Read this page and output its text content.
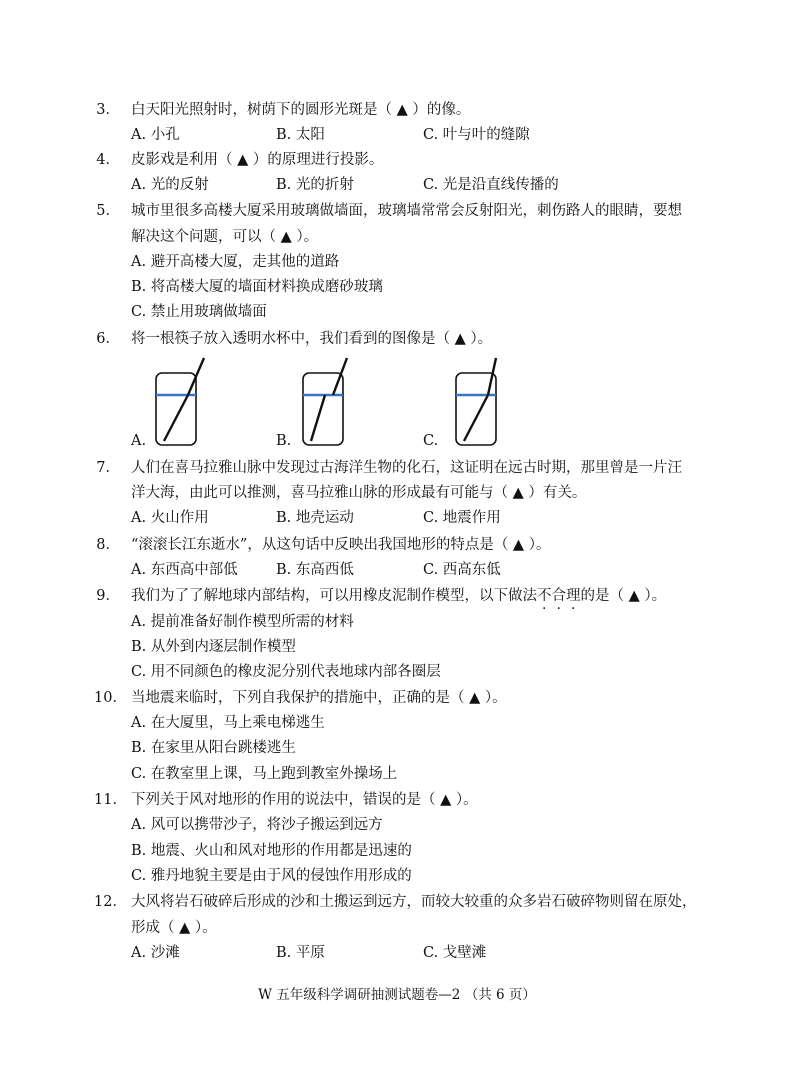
3． 白天阳光照射时，树荫下的圆形光斑是（ ▲ ）的像。
A. 小孔	B. 太阳	C. 叶与叶的缝隙
4． 皮影戏是利用（ ▲ ）的原理进行投影。
A. 光的反射	B. 光的折射	C. 光是沿直线传播的
5． 城市里很多高楼大厦采用玻璃做墙面，玻璃墙常常会反射阳光，刺伤路人的眼睛，要想
解决这个问题，可以（ ▲ ）。
A. 避开高楼大厦，走其他的道路
B. 将高楼大厦的墙面材料换成磨砂玻璃
C. 禁止用玻璃做墙面
6． 将一根筷子放入透明水杯中，我们看到的图像是（ ▲ ）。
A.	B.	C.
7． 人们在喜马拉雅山脉中发现过古海洋生物的化石，这证明在远古时期，那里曾是一片汪
洋大海，由此可以推测，喜马拉雅山脉的形成最有可能与（ ▲ ）有关。
A. 火山作用	B. 地壳运动	C. 地震作用
8． “滚滚长江东逝水”，从这句话中反映出我国地形的特点是（ ▲ ）。
A. 东西高中部低	B. 东高西低	C. 西高东低
9． 我们为了了解地球内部结构，可以用橡皮泥制作模型，以下做法不合理的是（ ▲ ）。
A. 提前准备好制作模型所需的材料
B. 从外到内逐层制作模型
C. 用不同颜色的橡皮泥分别代表地球内部各圈层
10． 当地震来临时，下列自我保护的措施中，正确的是（ ▲ ）。
A. 在大厦里，马上乘电梯逃生
B. 在家里从阳台跳楼逃生
C. 在教室里上课，马上跑到教室外操场上
11． 下列关于风对地形的作用的说法中，错误的是（ ▲ ）。
A. 风可以携带沙子，将沙子搬运到远方
B. 地震、火山和风对地形的作用都是迅速的
C. 雅丹地貌主要是由于风的侵蚀作用形成的
12． 大风将岩石破碎后形成的沙和土搬运到远方，而较大较重的众多岩石破碎物则留在原处，
形成（ ▲ ）。
A. 沙滩	B. 平原	C. 戈壁滩
W 五年级科学调研抽测试题卷—2 （共 6 页）
